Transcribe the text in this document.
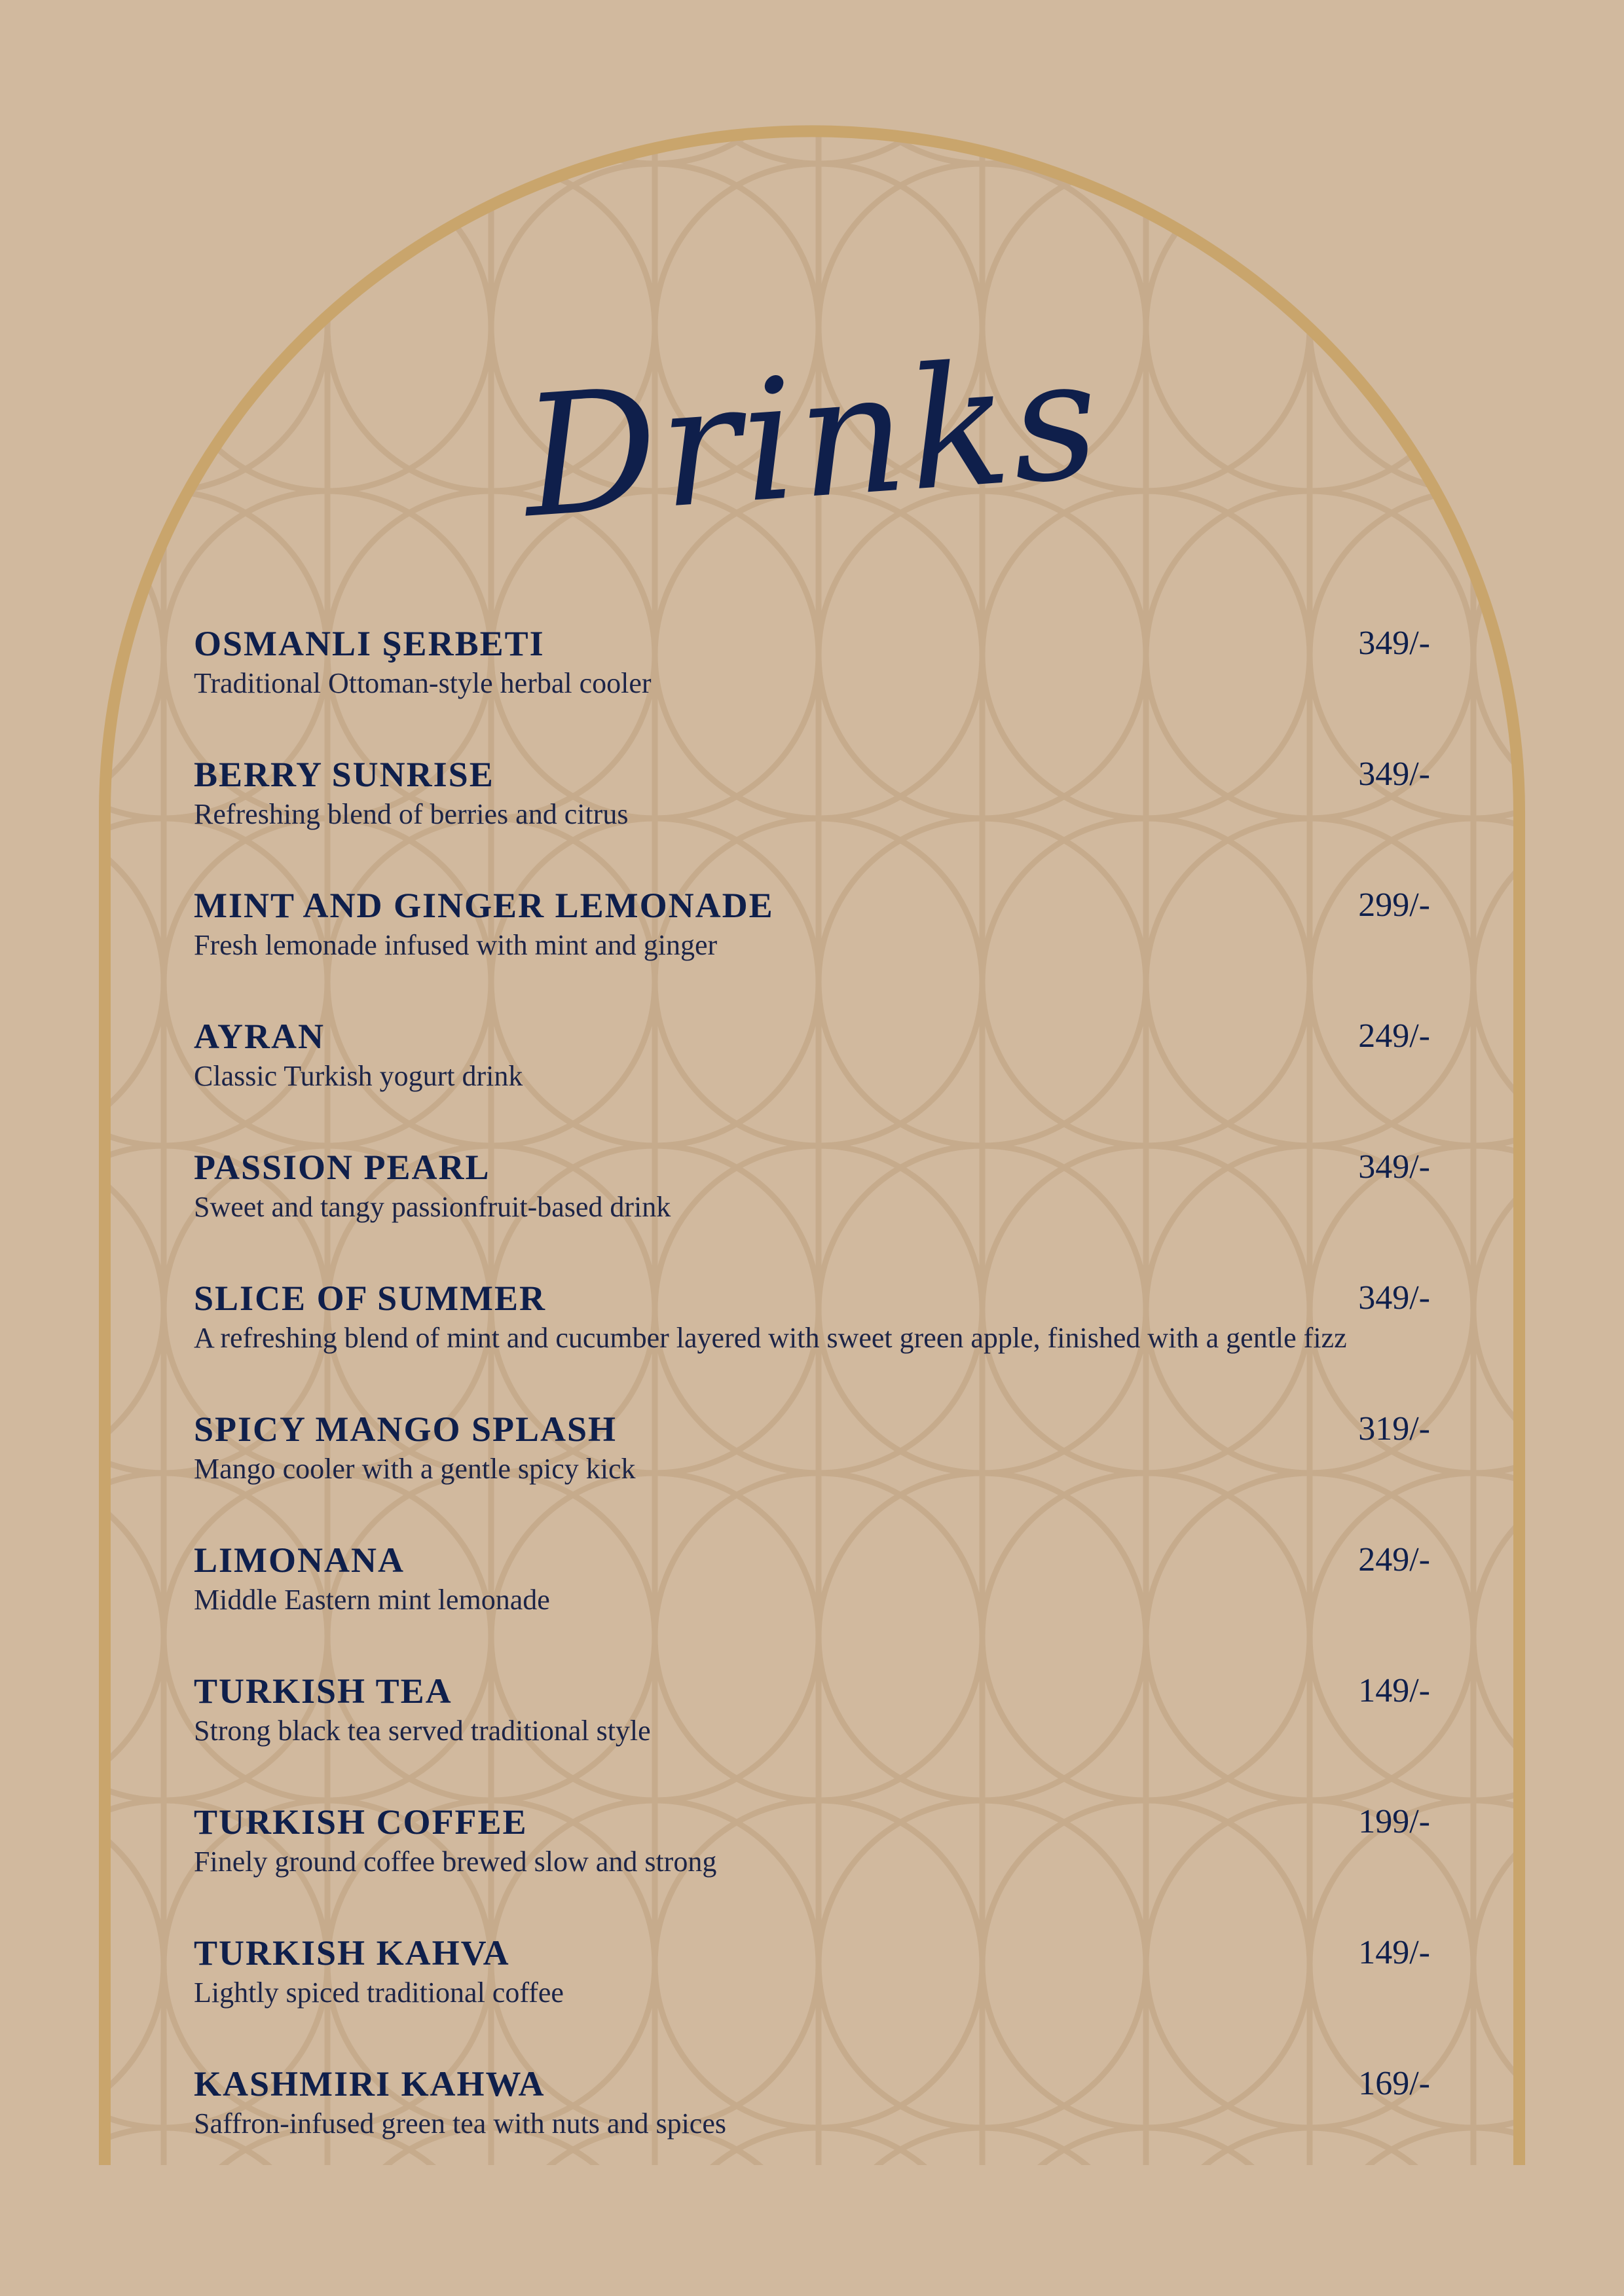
Drinks
OSMANLI ŞERBETI	349/-
Traditional Ottoman-style herbal cooler
BERRY SUNRISE	349/-
Refreshing blend of berries and citrus
MINT AND GINGER LEMONADE	299/-
Fresh lemonade infused with mint and ginger
AYRAN	249/-
Classic Turkish yogurt drink
PASSION PEARL	349/-
Sweet and tangy passionfruit-based drink
SLICE OF SUMMER	349/-
A refreshing blend of mint and cucumber layered with sweet green apple, finished with a gentle fizz
SPICY MANGO SPLASH	319/-
Mango cooler with a gentle spicy kick
LIMONANA	249/-
Middle Eastern mint lemonade
TURKISH TEA	149/-
Strong black tea served traditional style
TURKISH COFFEE	199/-
Finely ground coffee brewed slow and strong
TURKISH KAHVA	149/-
Lightly spiced traditional coffee
KASHMIRI KAHWA	169/-
Saffron-infused green tea with nuts and spices
